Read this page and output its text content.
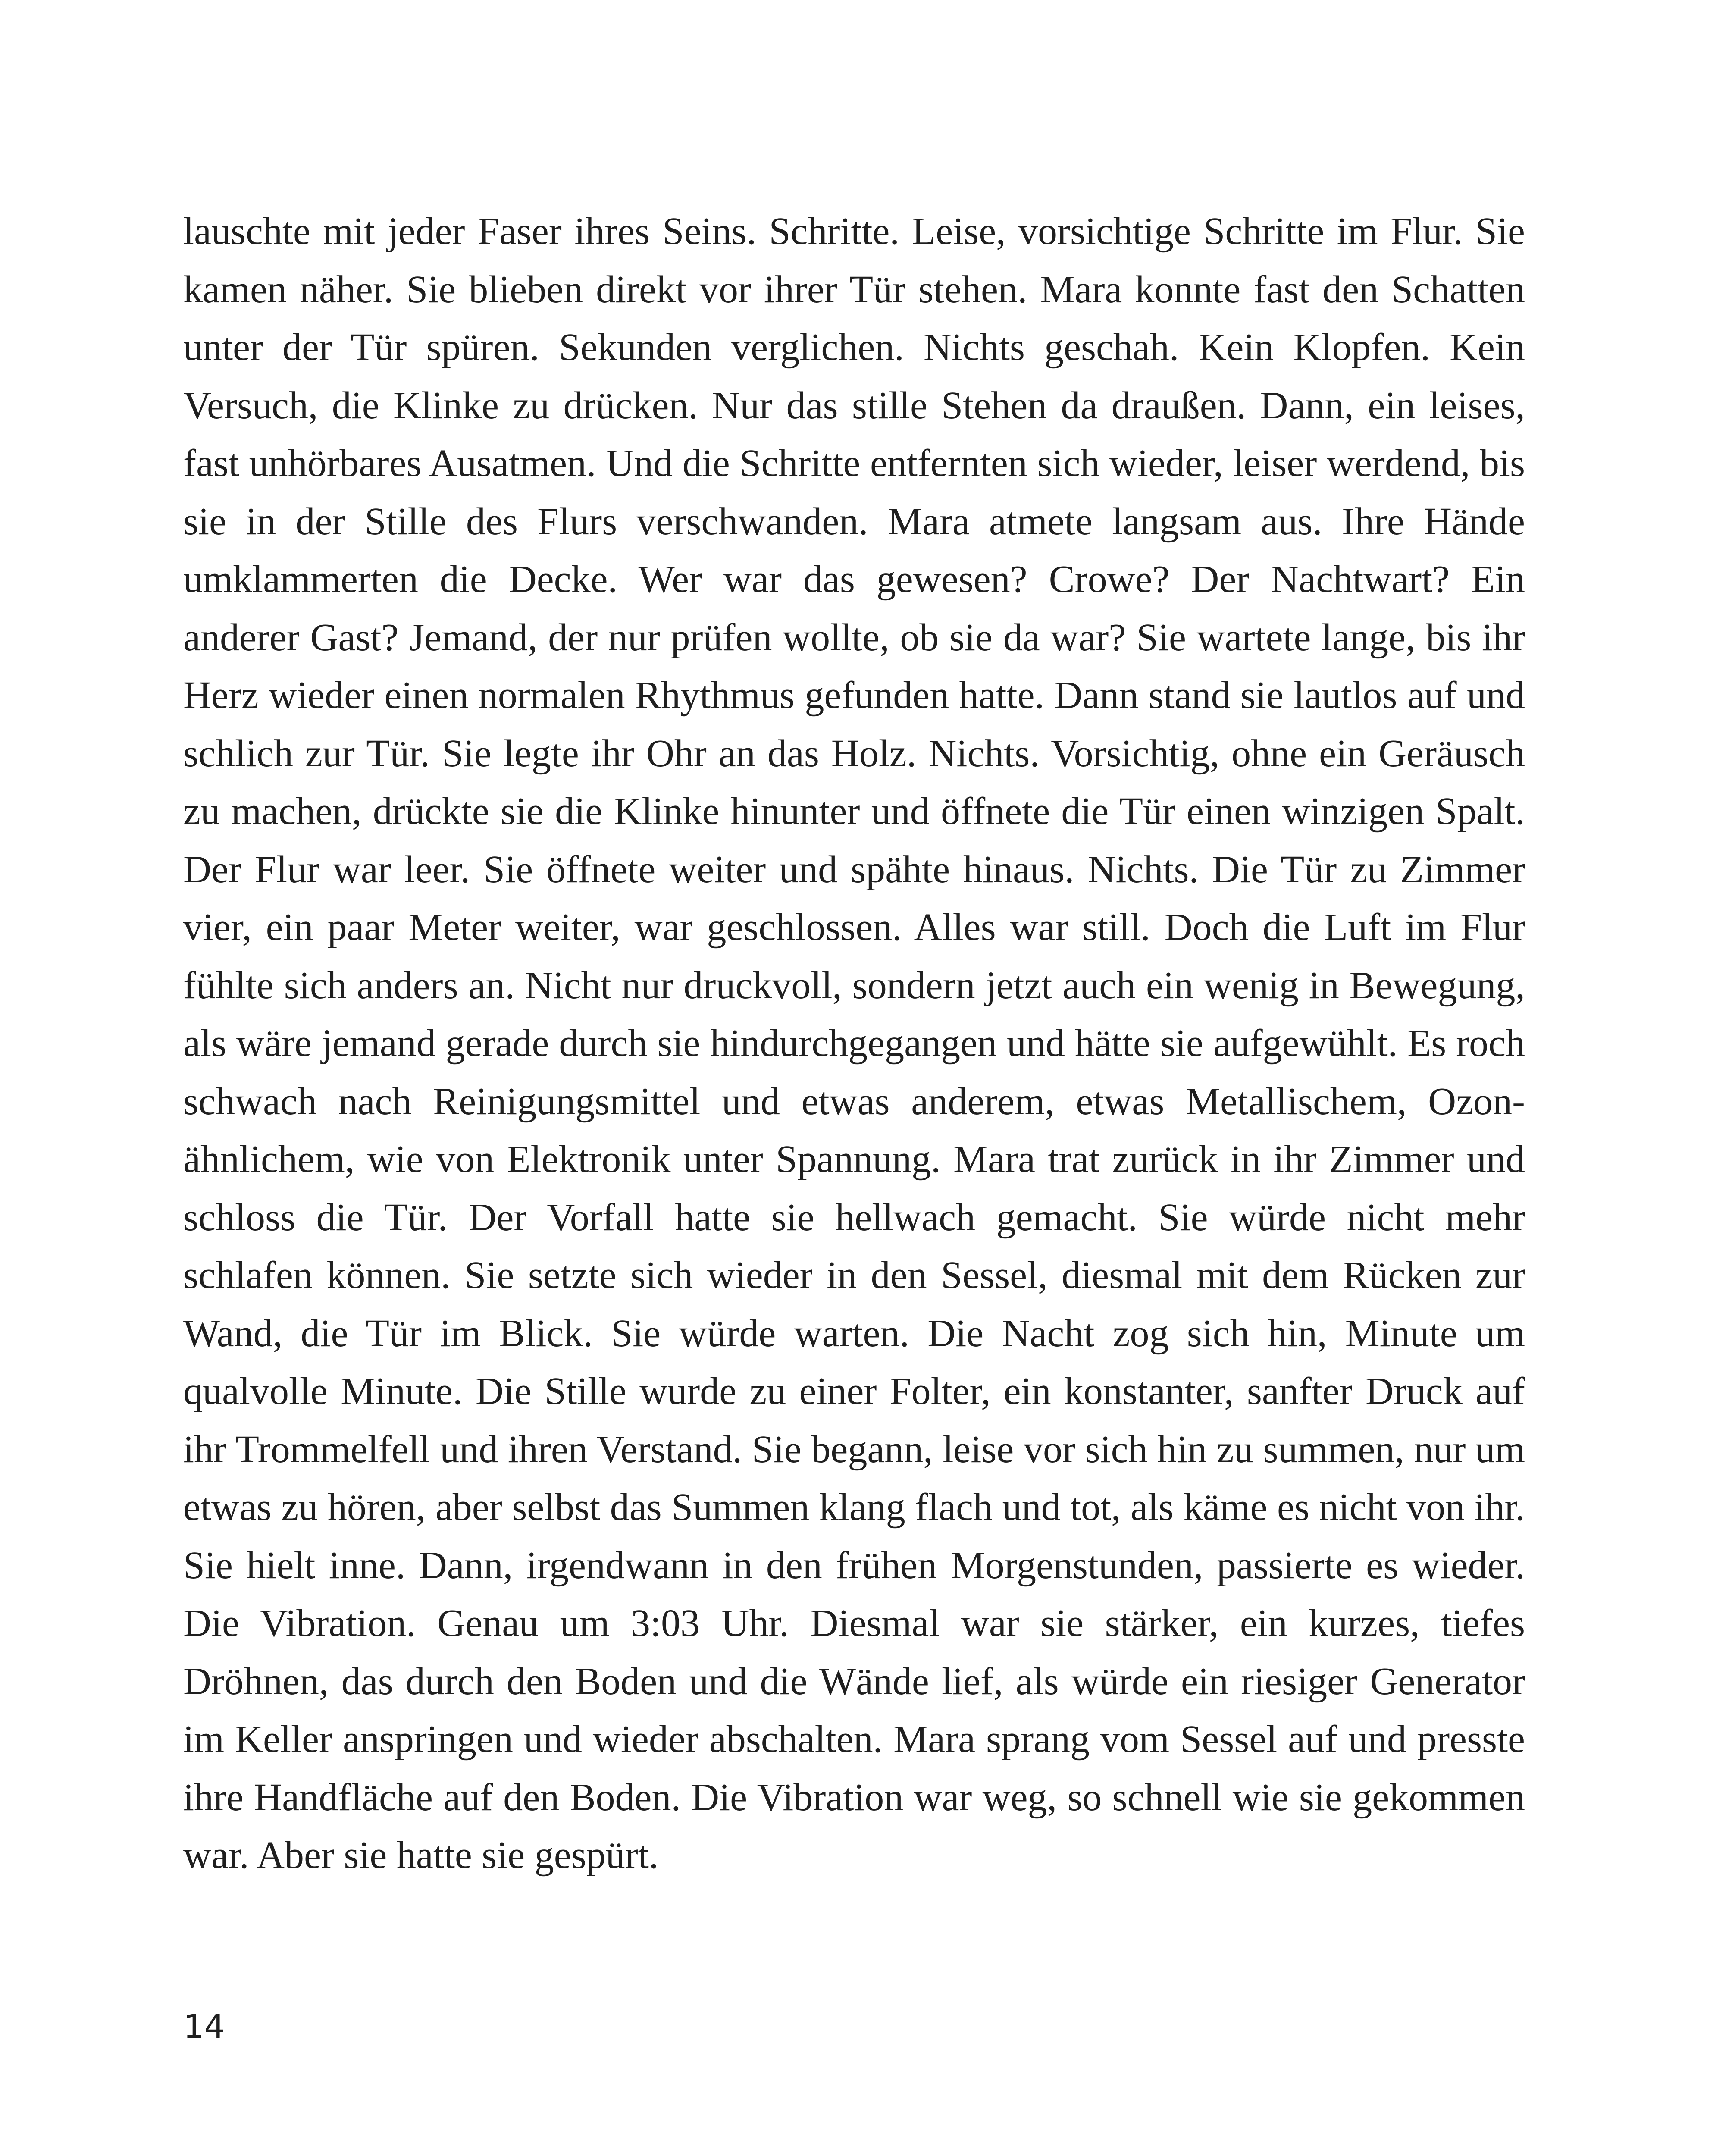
lauschte mit jeder Faser ihres Seins. Schritte. Leise, vorsichtige Schritte im Flur. Sie kamen näher. Sie blieben direkt vor ihrer Tür stehen. Mara konnte fast den Schatten unter der Tür spüren. Sekunden verglichen. Nichts geschah. Kein Klopfen. Kein Versuch, die Klinke zu drücken. Nur das stille Stehen da draußen. Dann, ein leises, fast unhörbares Ausatmen. Und die Schritte entfernten sich wieder, leiser werdend, bis sie in der Stille des Flurs verschwanden. Mara atmete langsam aus. Ihre Hände umklammerten die Decke. Wer war das gewesen? Crowe? Der Nachtwart? Ein anderer Gast? Jemand, der nur prüfen wollte, ob sie da war? Sie wartete lange, bis ihr Herz wieder einen normalen Rhythmus gefunden hatte. Dann stand sie lautlos auf und schlich zur Tür. Sie legte ihr Ohr an das Holz. Nichts. Vorsichtig, ohne ein Geräusch zu machen, drückte sie die Klinke hinunter und öffnete die Tür einen winzigen Spalt. Der Flur war leer. Sie öffnete weiter und spähte hinaus. Nichts. Die Tür zu Zimmer vier, ein paar Meter weiter, war geschlossen. Alles war still. Doch die Luft im Flur fühlte sich anders an. Nicht nur druckvoll, sondern jetzt auch ein wenig in Bewegung, als wäre jemand gerade durch sie hindurchgegangen und hätte sie aufgewühlt. Es roch schwach nach Reinigungsmittel und etwas anderem, etwas Metallischem, Ozon-ähnlichem, wie von Elektronik unter Spannung. Mara trat zurück in ihr Zimmer und schloss die Tür. Der Vorfall hatte sie hellwach gemacht. Sie würde nicht mehr schlafen können. Sie setzte sich wieder in den Sessel, diesmal mit dem Rücken zur Wand, die Tür im Blick. Sie würde warten. Die Nacht zog sich hin, Minute um qualvolle Minute. Die Stille wurde zu einer Folter, ein konstanter, sanfter Druck auf ihr Trommelfell und ihren Verstand. Sie begann, leise vor sich hin zu summen, nur um etwas zu hören, aber selbst das Summen klang flach und tot, als käme es nicht von ihr. Sie hielt inne. Dann, irgendwann in den frühen Morgenstunden, passierte es wieder. Die Vibration. Genau um 3:03 Uhr. Diesmal war sie stärker, ein kurzes, tiefes Dröhnen, das durch den Boden und die Wände lief, als würde ein riesiger Generator im Keller anspringen und wieder abschalten. Mara sprang vom Sessel auf und presste ihre Handfläche auf den Boden. Die Vibration war weg, so schnell wie sie gekommen war. Aber sie hatte sie gespürt.

14
